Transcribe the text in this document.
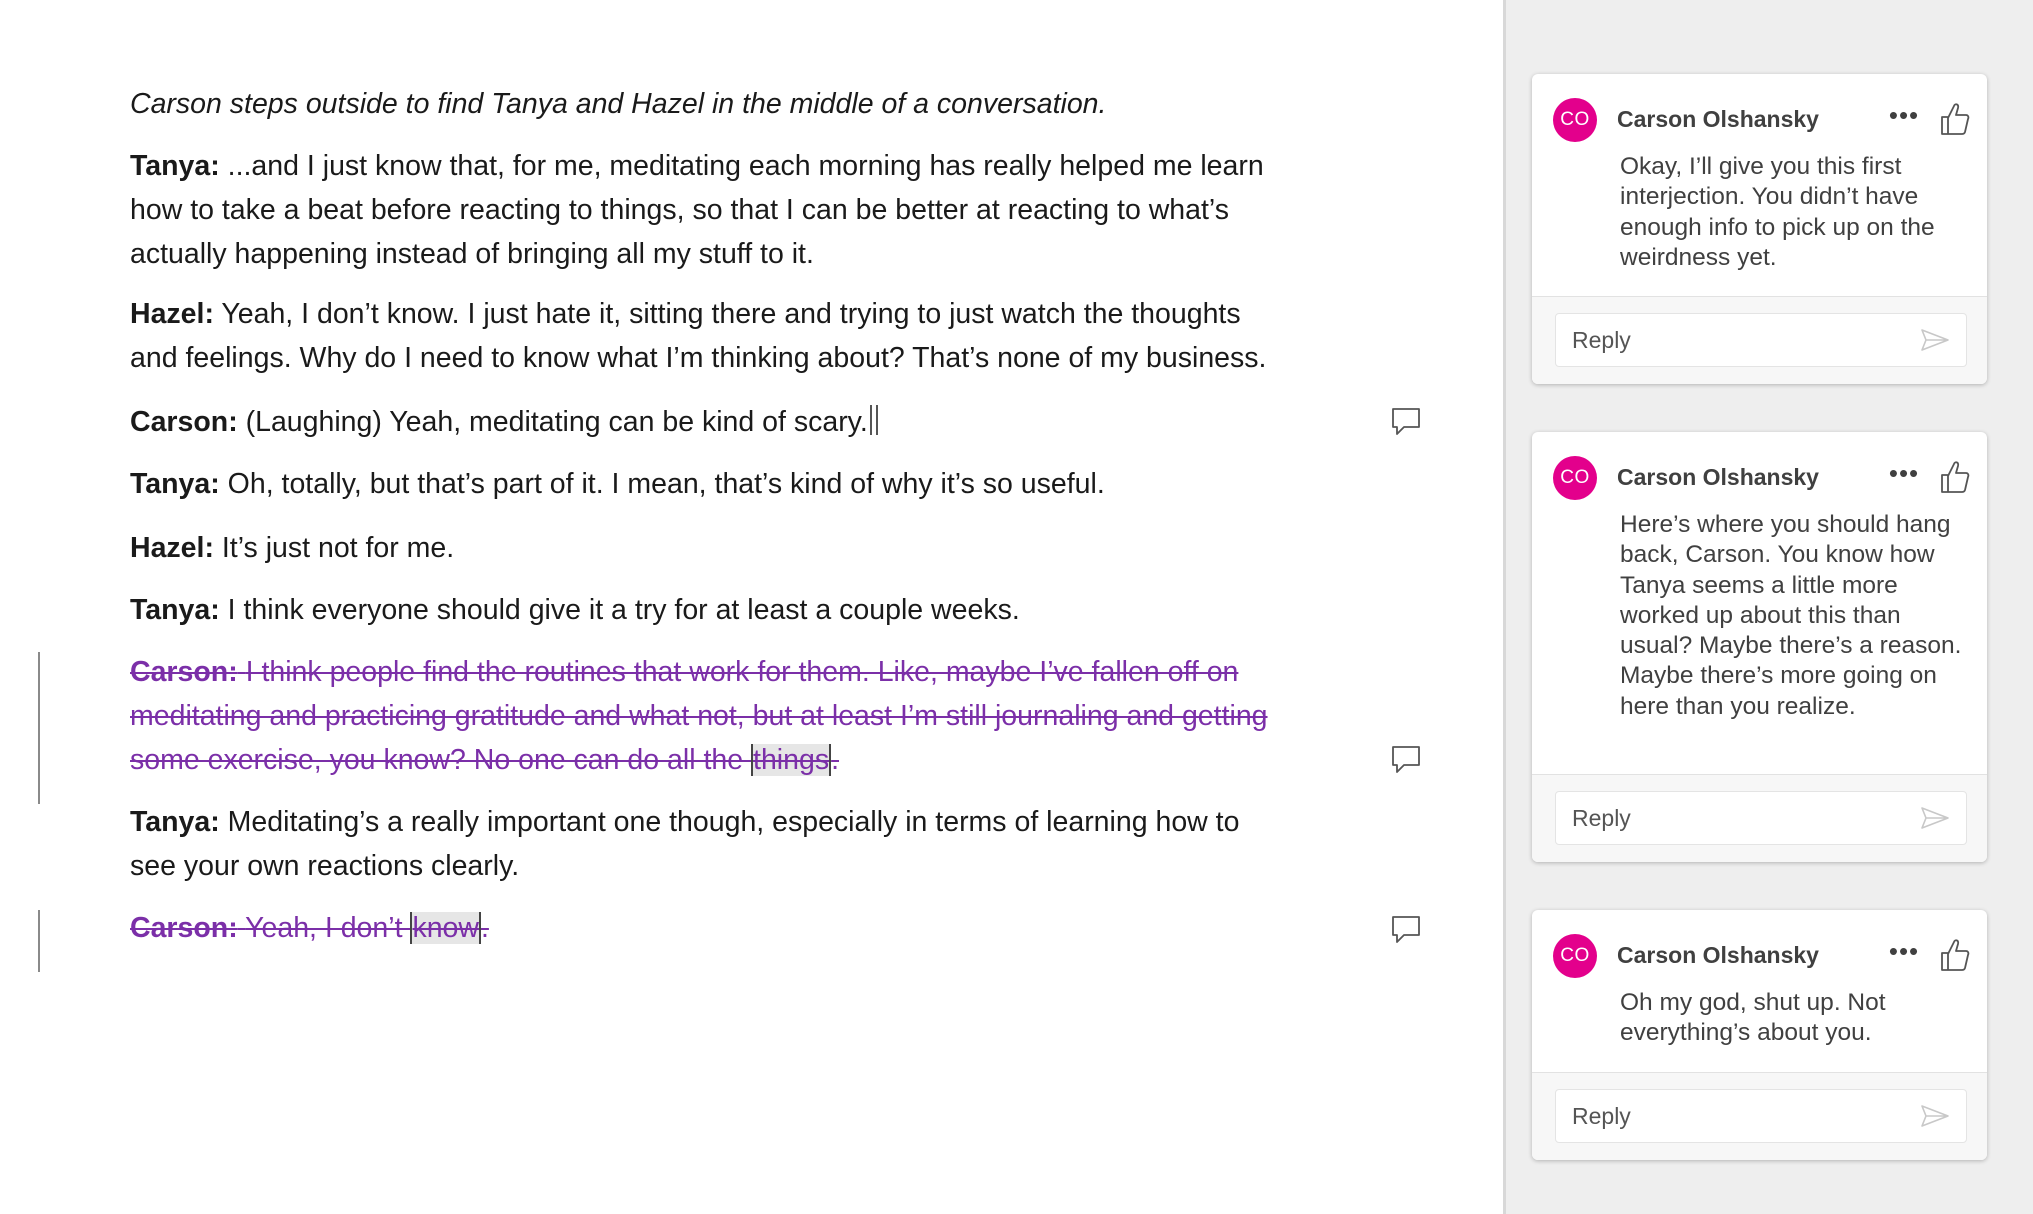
Carson steps outside to find Tanya and Hazel in the middle of a conversation.
Tanya: ...and I just know that, for me, meditating each morning has really helped me learn
how to take a beat before reacting to things, so that I can be better at reacting to what’s
actually happening instead of bringing all my stuff to it.
Hazel: Yeah, I don’t know. I just hate it, sitting there and trying to just watch the thoughts
and feelings. Why do I need to know what I’m thinking about? That’s none of my business.
Carson: (Laughing) Yeah, meditating can be kind of scary.
Tanya: Oh, totally, but that’s part of it. I mean, that’s kind of why it’s so useful.
Hazel: It’s just not for me.
Tanya: I think everyone should give it a try for at least a couple weeks.
Carson: I think people find the routines that work for them. Like, maybe I’ve fallen off on
meditating and practicing gratitude and what not, but at least I’m still journaling and getting
some exercise, you know? No one can do all the things.
Tanya: Meditating’s a really important one though, especially in terms of learning how to
see your own reactions clearly.
Carson: Yeah, I don’t know.
CO	Carson Olshansky	•••
Okay, I’ll give you this first interjection. You didn’t have enough info to pick up on the weirdness yet.
Reply
CO	Carson Olshansky	•••
Here’s where you should hang back, Carson. You know how Tanya seems a little more worked up about this than usual? Maybe there’s a reason. Maybe there’s more going on here than you realize.
Reply
CO	Carson Olshansky	•••
Oh my god, shut up. Not everything’s about you.
Reply
